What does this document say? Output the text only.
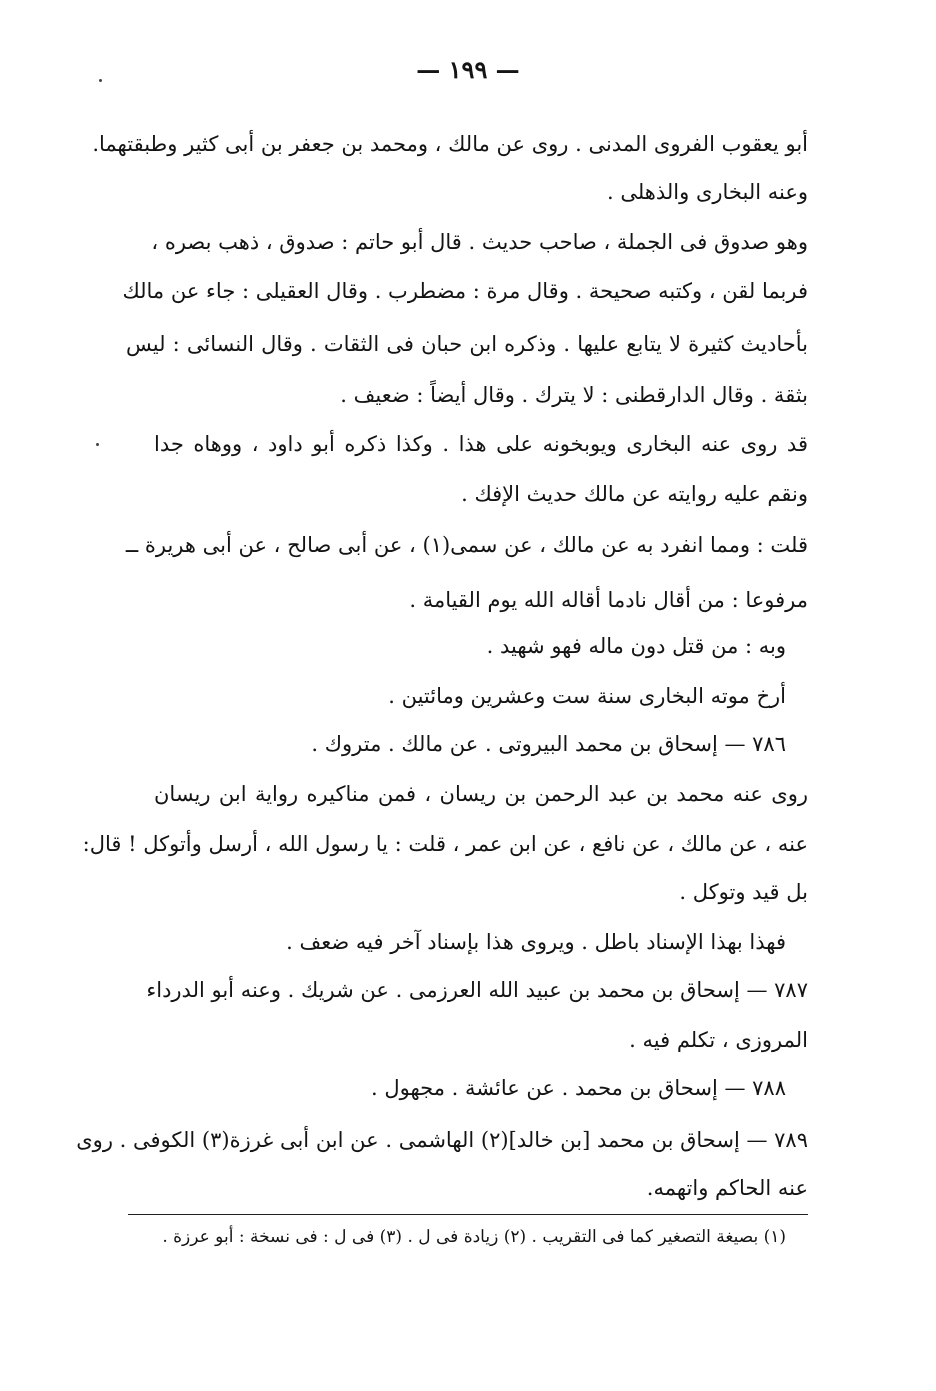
— ١٩٩ —
أبو يعقوب الفروى المدنى . روى عن مالك ، ومحمد بن جعفر بن أبى كثير وطبقتهما.
وعنه البخارى والذهلى .
وهو صدوق فى الجملة ، صاحب حديث . قال أبو حاتم : صدوق ، ذهب بصره ،
فربما لقن ، وكتبه صحيحة . وقال مرة : مضطرب . وقال العقيلى : جاء عن مالك
بأحاديث كثيرة لا يتابع عليها . وذكره ابن حبان فى الثقات . وقال النسائى : ليس
بثقة . وقال الدارقطنى : لا يترك . وقال أيضاً : ضعيف .
قد روى عنه البخارى ويوبخونه على هذا . وكذا ذكره أبو داود ، ووهاه جدا
ونقم عليه روايته عن مالك حديث الإفك .
قلت : ومما انفرد به عن مالك ، عن سمى(١) ، عن أبى صالح ، عن أبى هريرة ــ
مرفوعا : من أقال نادما أقاله الله يوم القيامة .
وبه : من قتل دون ماله فهو شهيد .
أرخ موته البخارى سنة ست وعشرين ومائتين .
٧٨٦ — إسحاق بن محمد البيروتى . عن مالك . متروك .
روى عنه محمد بن عبد الرحمن بن ريسان ، فمن مناكيره رواية ابن ريسان
عنه ، عن مالك ، عن نافع ، عن ابن عمر ، قلت : يا رسول الله ، أرسل وأتوكل ! قال:
بل قيد وتوكل .
فهذا بهذا الإسناد باطل . ويروى هذا بإسناد آخر فيه ضعف .
٧٨٧ — إسحاق بن محمد بن عبيد الله العرزمى . عن شريك . وعنه أبو الدرداء
المروزى ، تكلم فيه .
٧٨٨ — إسحاق بن محمد . عن عائشة . مجهول .
٧٨٩ — إسحاق بن محمد [بن خالد](٢) الهاشمى . عن ابن أبى غرزة(٣) الكوفى . روى
عنه الحاكم واتهمه.
(١) بصيغة التصغير كما فى التقريب . (٢) زيادة فى ل . (٣) فى ل : فى نسخة : أبو عرزة .
